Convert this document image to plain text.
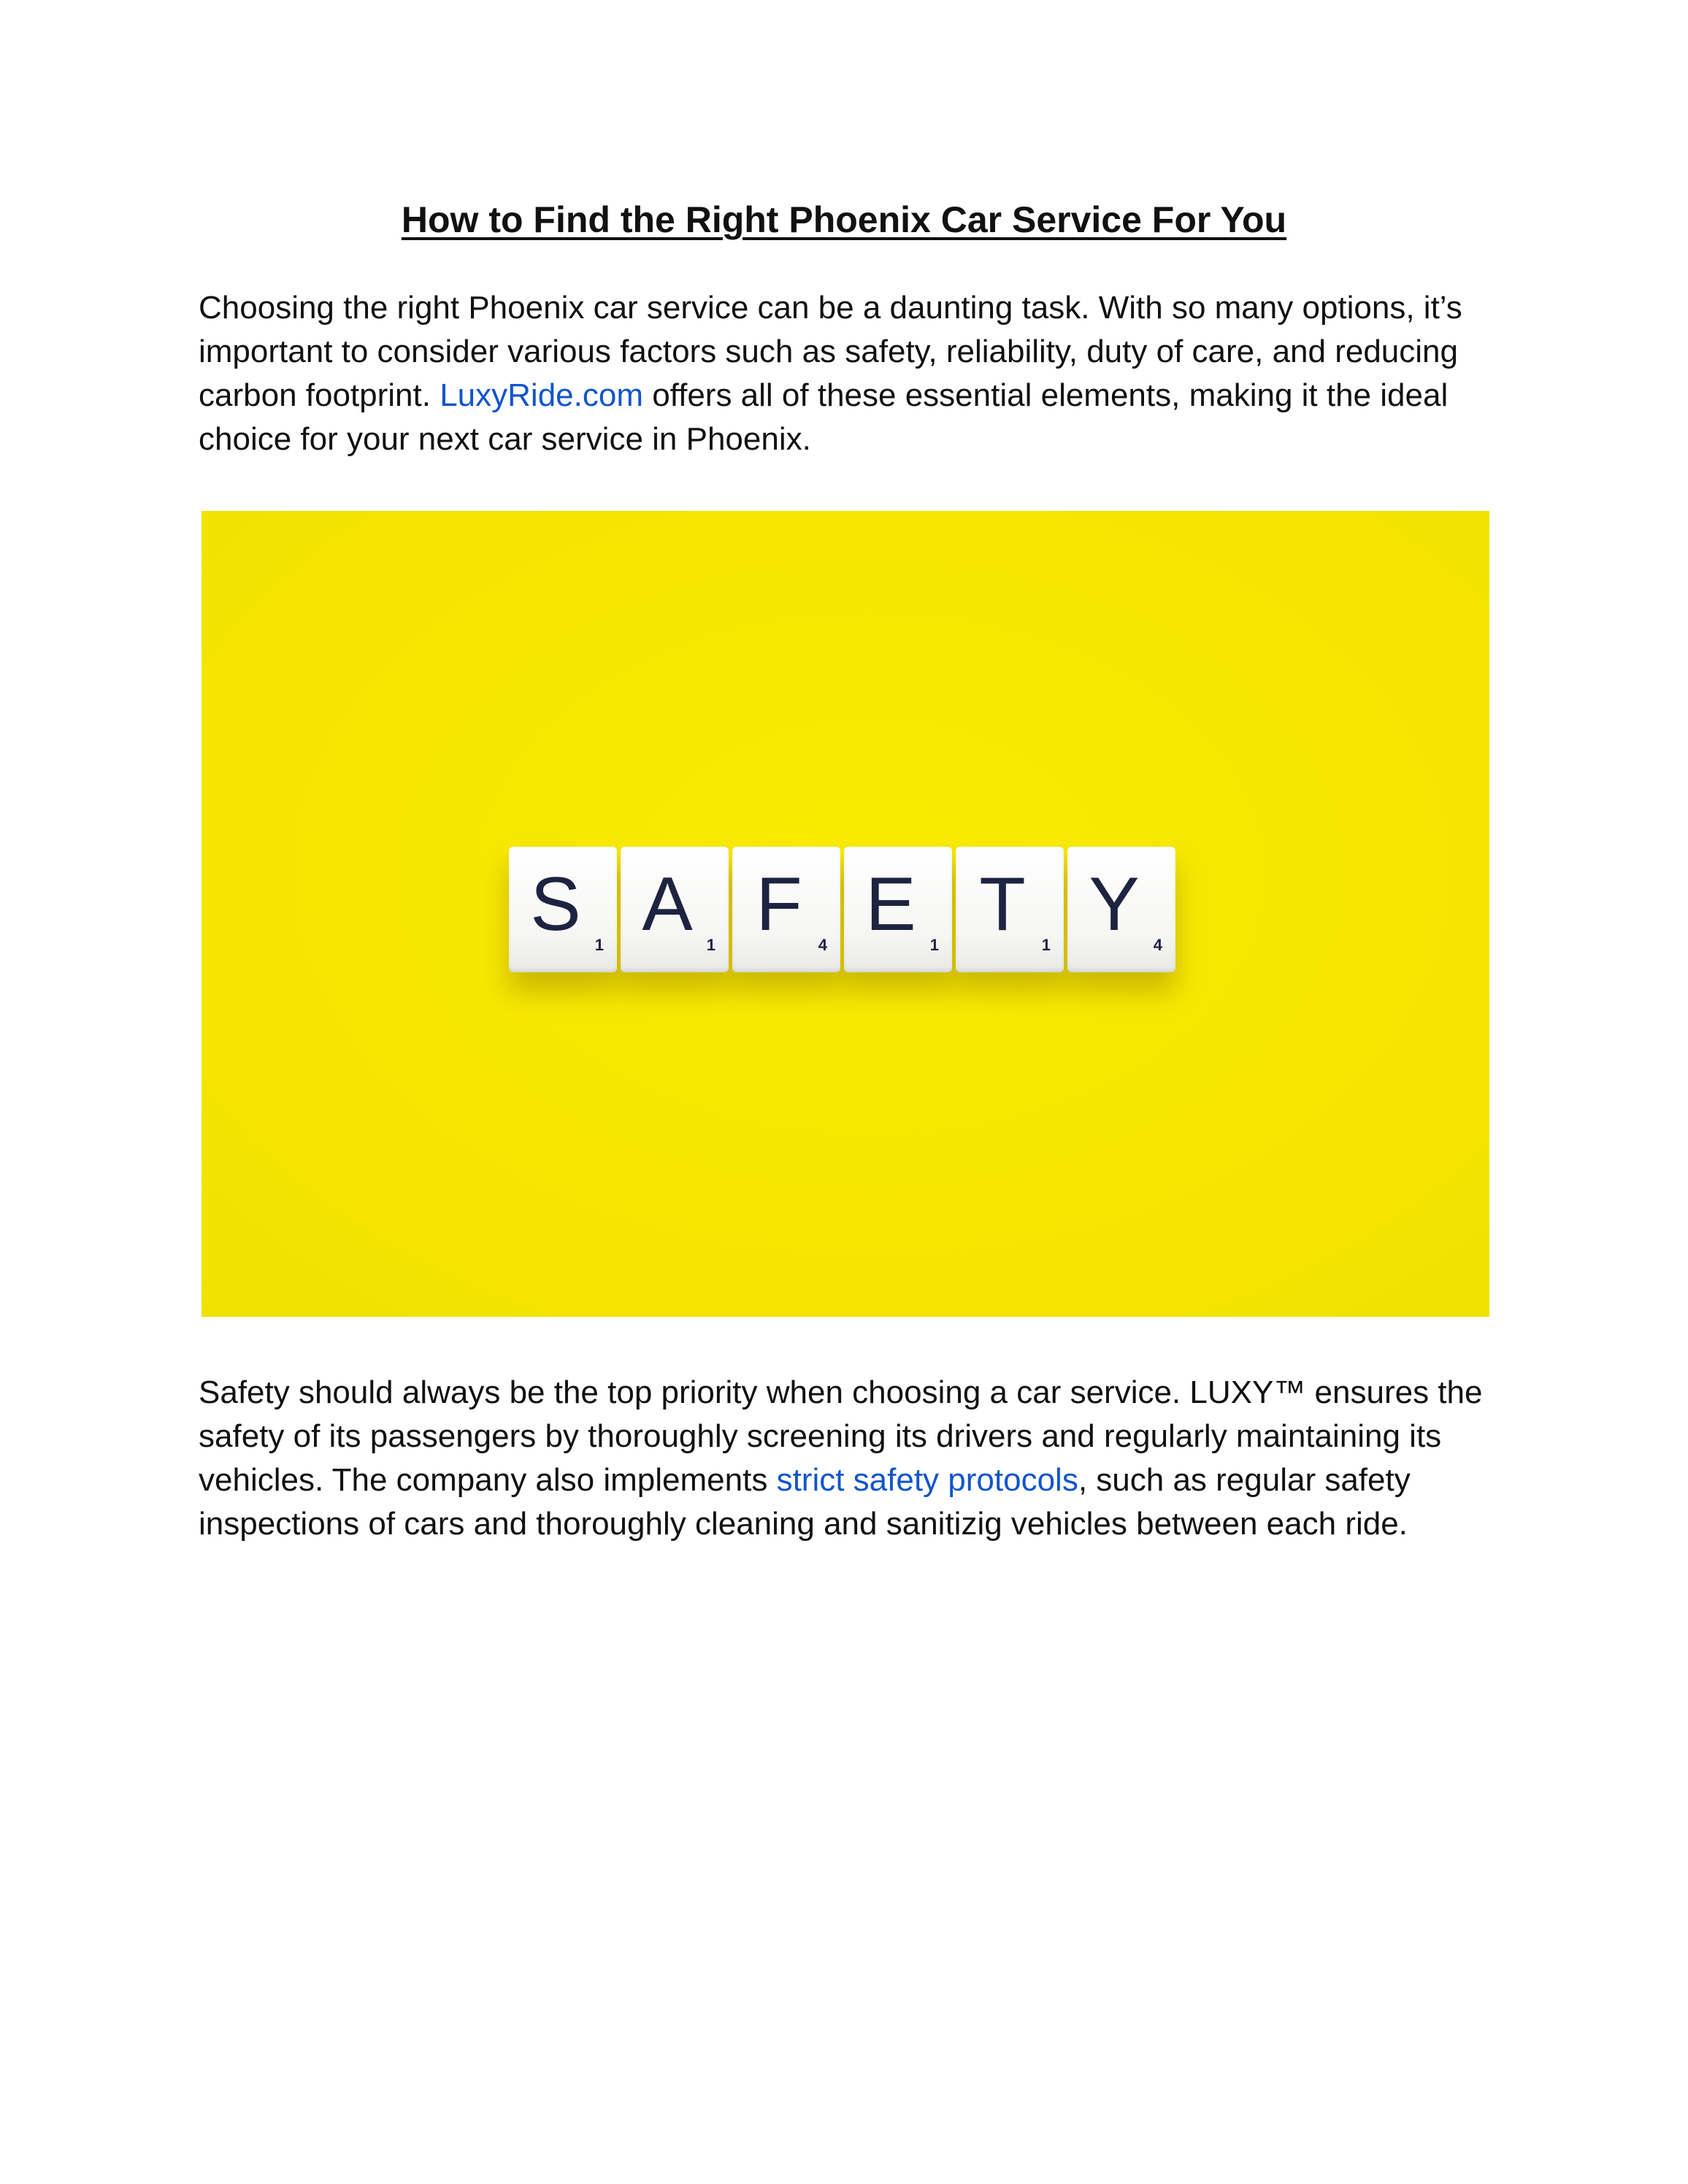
How to Find the Right Phoenix Car Service For You

Choosing the right Phoenix car service can be a daunting task. With so many options, it’s important to consider various factors such as safety, reliability, duty of care, and reducing carbon footprint. LuxyRide.com offers all of these essential elements, making it the ideal choice for your next car service in Phoenix.

S 1 A 1 F 4 E 1 T 1 Y 4

Safety should always be the top priority when choosing a car service. LUXY™ ensures the safety of its passengers by thoroughly screening its drivers and regularly maintaining its vehicles. The company also implements strict safety protocols, such as regular safety inspections of cars and thoroughly cleaning and sanitizig vehicles between each ride.
